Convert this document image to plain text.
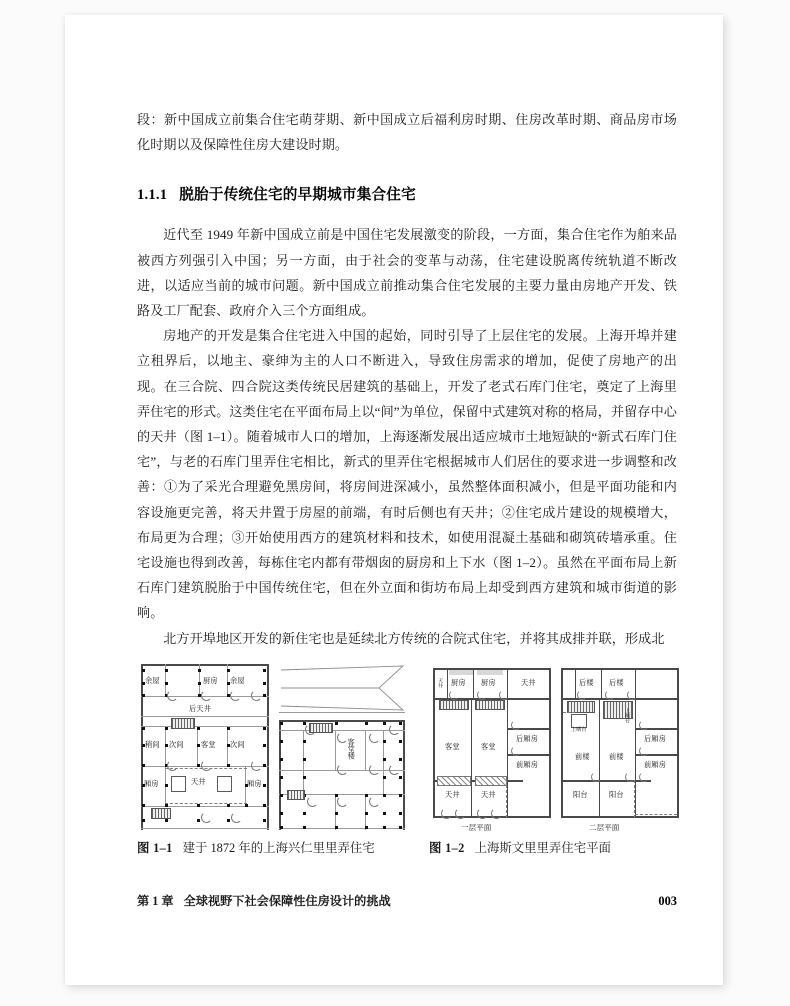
段：新中国成立前集合住宅萌芽期、新中国成立后福利房时期、住房改革时期、商品房市场化时期以及保障性住房大建设时期。

1.1.1 脱胎于传统住宅的早期城市集合住宅

近代至 1949 年新中国成立前是中国住宅发展激变的阶段，一方面，集合住宅作为舶来品被西方列强引入中国；另一方面，由于社会的变革与动荡，住宅建设脱离传统轨道不断改进，以适应当前的城市问题。新中国成立前推动集合住宅发展的主要力量由房地产开发、铁路及工厂配套、政府介入三个方面组成。

房地产的开发是集合住宅进入中国的起始，同时引导了上层住宅的发展。上海开埠并建立租界后，以地主、豪绅为主的人口不断进入，导致住房需求的增加，促使了房地产的出现。在三合院、四合院这类传统民居建筑的基础上，开发了老式石库门住宅，奠定了上海里弄住宅的形式。这类住宅在平面布局上以“间”为单位，保留中式建筑对称的格局，并留存中心的天井（图 1–1）。随着城市人口的增加，上海逐渐发展出适应城市土地短缺的“新式石库门住宅”，与老的石库门里弄住宅相比，新式的里弄住宅根据城市人们居住的要求进一步调整和改善：①为了采光合理避免黑房间，将房间进深减小，虽然整体面积减小，但是平面功能和内容设施更完善，将天井置于房屋的前端，有时后侧也有天井；②住宅成片建设的规模增大，布局更为合理；③开始使用西方的建筑材料和技术，如使用混凝土基础和砌筑砖墙承重。住宅设施也得到改善，每栋住宅内都有带烟囱的厨房和上下水（图 1–2）。虽然在平面布局上新石库门建筑脱胎于中国传统住宅，但在外立面和街坊布局上却受到西方建筑和城市街道的影响。

北方开埠地区开发的新住宅也是延续北方传统的合院式住宅，并将其成排并联，形成北

余屋	厨房 余屋
后天井
稍间 次间 客堂 次间
厢房	天井	厢房
客堂楼
图 1–1 建于 1872 年的上海兴仁里里弄住宅
天井 厨房 厨房	天井
后厢房
客堂	客堂
前厢房
天井	天井
一层平面
后楼 后楼
上晒台
上晒台
后厢房
前楼	前楼
前厢房
阳台	阳台
二层平面
图 1–2 上海斯文里里弄住宅平面
第 1 章 全球视野下社会保障性住房设计的挑战	003
